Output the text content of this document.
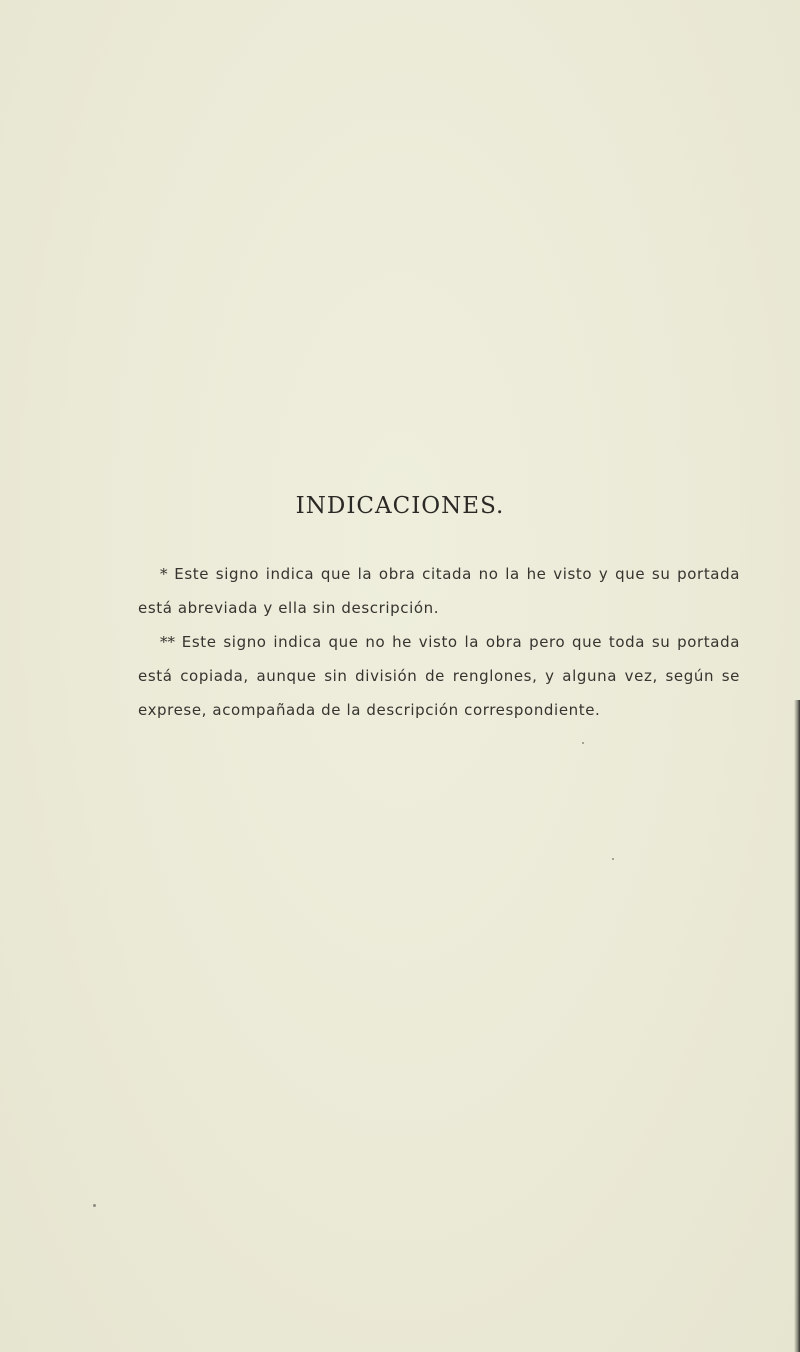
INDICACIONES.

* Este signo indica que la obra citada no la he visto y que su portada está abreviada y ella sin descripción.

** Este signo indica que no he visto la obra pero que toda su portada está copiada, aunque sin división de renglones, y alguna vez, según se exprese, acompañada de la descripción correspondiente.
